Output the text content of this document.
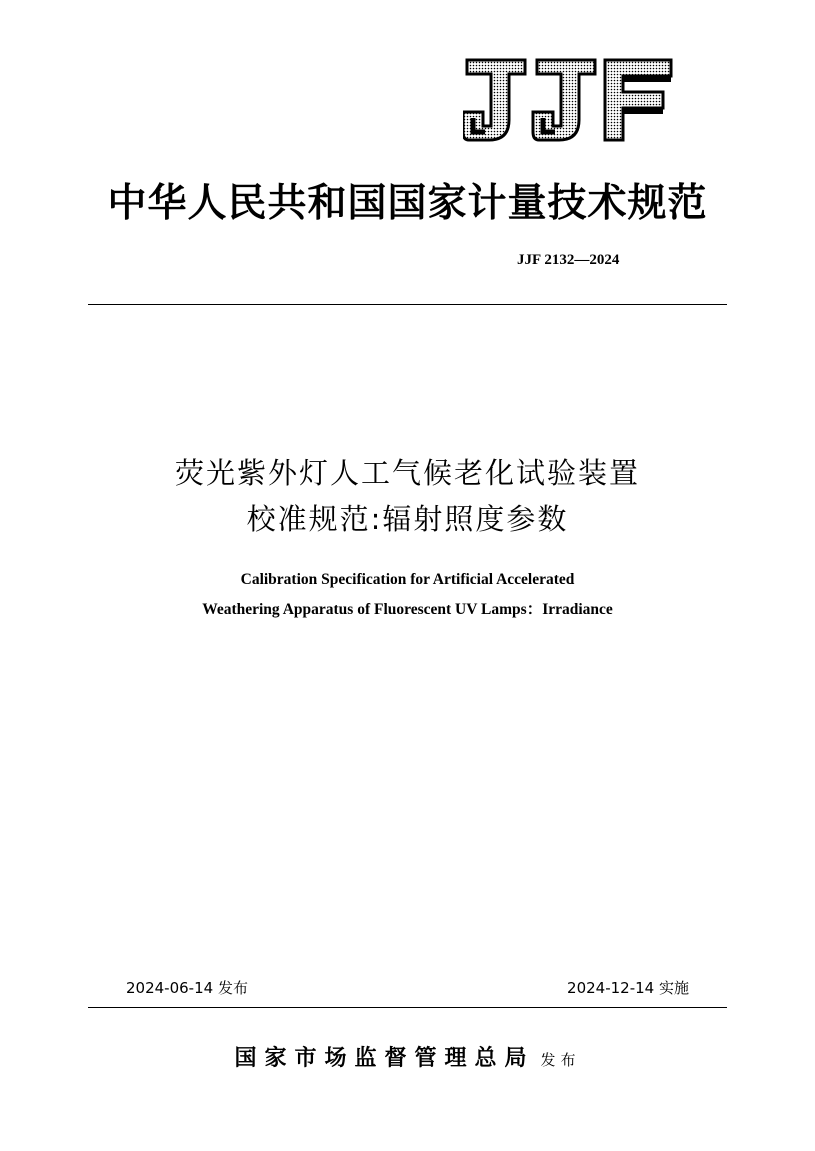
中华人民共和国国家计量技术规范
JJF 2132—2024
荧光紫外灯人工气候老化试验装置
校准规范:辐射照度参数
Calibration Specification for Artificial Accelerated
Weathering Apparatus of Fluorescent UV Lamps：Irradiance
2024-06-14 发布	2024-12-14 实施
国家市场监督管理总局 发布
